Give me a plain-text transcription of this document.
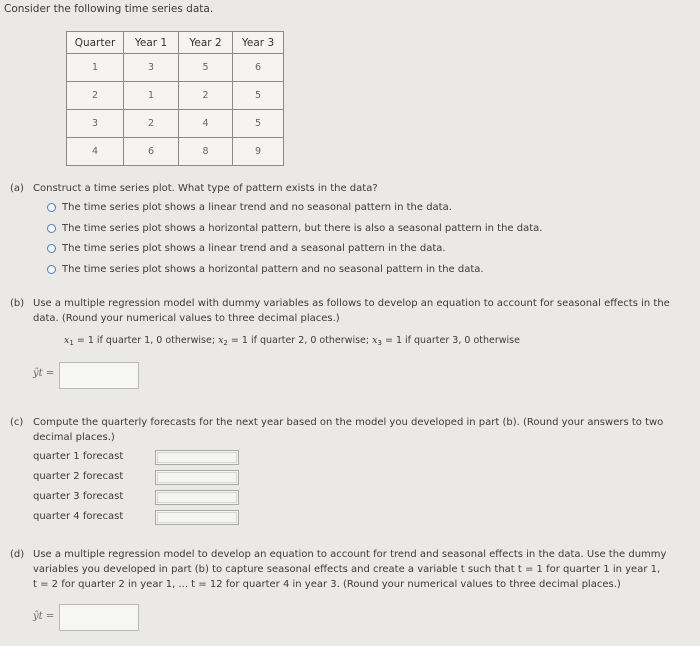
Consider the following time series data.
Quarter	Year 1	Year 2	Year 3
1	3	5	6
2	1	2	5
3	2	4	5
4	6	8	9
(a) Construct a time series plot. What type of pattern exists in the data?
The time series plot shows a linear trend and no seasonal pattern in the data.
The time series plot shows a horizontal pattern, but there is also a seasonal pattern in the data.
The time series plot shows a linear trend and a seasonal pattern in the data.
The time series plot shows a horizontal pattern and no seasonal pattern in the data.
(b) Use a multiple regression model with dummy variables as follows to develop an equation to account for seasonal effects in the
data. (Round your numerical values to three decimal places.)
$x_1 = 1$ if quarter 1, 0 otherwise; $x_2 = 1$ if quarter 2, 0 otherwise; $x_3 = 1$ if quarter 3, 0 otherwise
ŷt =
(c) Compute the quarterly forecasts for the next year based on the model you developed in part (b). (Round your answers to two
decimal places.)
quarter 1 forecast
quarter 2 forecast
quarter 3 forecast
quarter 4 forecast
(d) Use a multiple regression model to develop an equation to account for trend and seasonal effects in the data. Use the dummy
variables you developed in part (b) to capture seasonal effects and create a variable t such that t = 1 for quarter 1 in year 1,
t = 2 for quarter 2 in year 1, ... t = 12 for quarter 4 in year 3. (Round your numerical values to three decimal places.)
ŷt =
